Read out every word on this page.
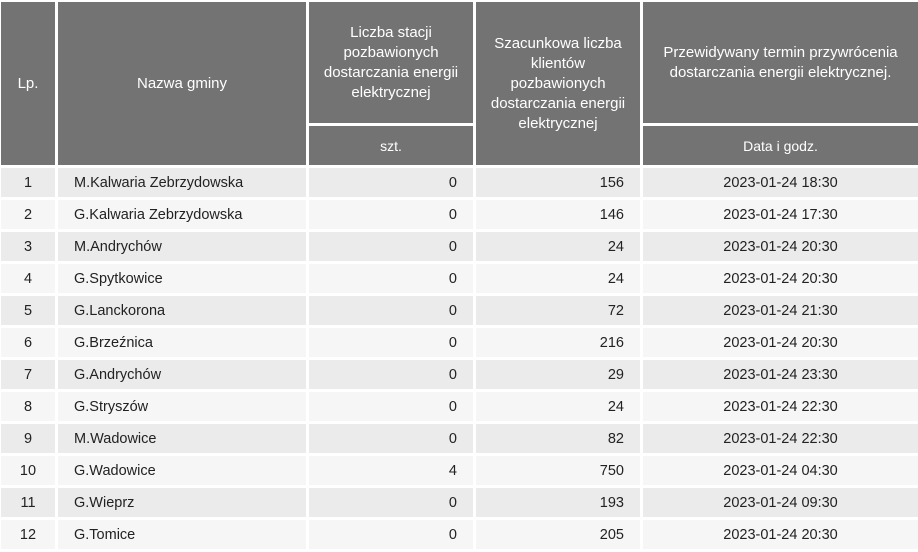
Lp.	Nazwa gminy	Liczba stacji pozbawionych dostarczania energii elektrycznej	Szacunkowa liczba klientów pozbawionych dostarczania energii elektrycznej	Przewidywany termin przywrócenia dostarczania energii elektrycznej.
		szt.		Data i godz.
1	M.Kalwaria Zebrzydowska	0	156	2023-01-24 18:30
2	G.Kalwaria Zebrzydowska	0	146	2023-01-24 17:30
3	M.Andrychów	0	24	2023-01-24 20:30
4	G.Spytkowice	0	24	2023-01-24 20:30
5	G.Lanckorona	0	72	2023-01-24 21:30
6	G.Brzeźnica	0	216	2023-01-24 20:30
7	G.Andrychów	0	29	2023-01-24 23:30
8	G.Stryszów	0	24	2023-01-24 22:30
9	M.Wadowice	0	82	2023-01-24 22:30
10	G.Wadowice	4	750	2023-01-24 04:30
11	G.Wieprz	0	193	2023-01-24 09:30
12	G.Tomice	0	205	2023-01-24 20:30
